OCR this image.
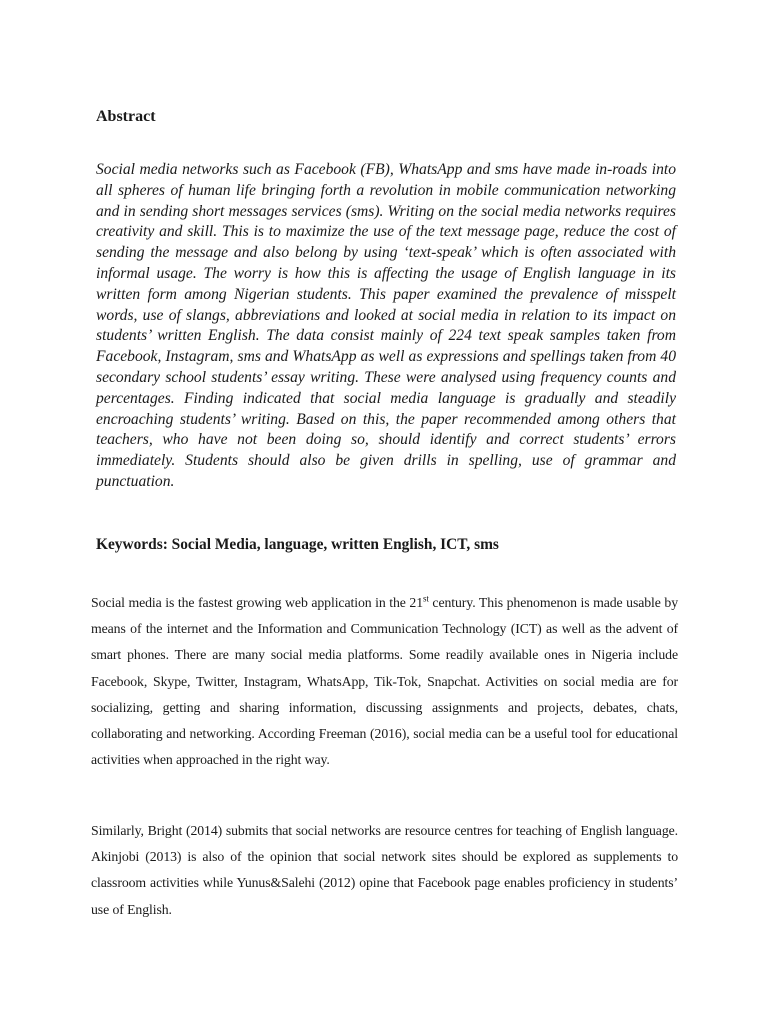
Abstract

Social media networks such as Facebook (FB), WhatsApp and sms have made in-roads into all spheres of human life bringing forth a revolution in mobile communication networking and in sending short messages services (sms). Writing on the social media networks requires creativity and skill. This is to maximize the use of the text message page, reduce the cost of sending the message and also belong by using ‘text-speak’ which is often associated with informal usage. The worry is how this is affecting the usage of English language in its written form among Nigerian students. This paper examined the prevalence of misspelt words, use of slangs, abbreviations and looked at social media in relation to its impact on students’ written English. The data consist mainly of 224 text speak samples taken from Facebook, Instagram, sms and WhatsApp as well as expressions and spellings taken from 40 secondary school students’ essay writing. These were analysed using frequency counts and percentages. Finding indicated that social media language is gradually and steadily encroaching students’ writing. Based on this, the paper recommended among others that teachers, who have not been doing so, should identify and correct students’ errors immediately. Students should also be given drills in spelling, use of grammar and punctuation.

Keywords: Social Media, language, written English, ICT, sms

Social media is the fastest growing web application in the 21st century. This phenomenon is made usable by means of the internet and the Information and Communication Technology (ICT) as well as the advent of smart phones. There are many social media platforms. Some readily available ones in Nigeria include Facebook, Skype, Twitter, Instagram, WhatsApp, Tik-Tok, Snapchat. Activities on social media are for socializing, getting and sharing information, discussing assignments and projects, debates, chats, collaborating and networking. According Freeman (2016), social media can be a useful tool for educational activities when approached in the right way.

Similarly, Bright (2014) submits that social networks are resource centres for teaching of English language. Akinjobi (2013) is also of the opinion that social network sites should be explored as supplements to classroom activities while Yunus&Salehi (2012) opine that Facebook page enables proficiency in students’ use of English.
